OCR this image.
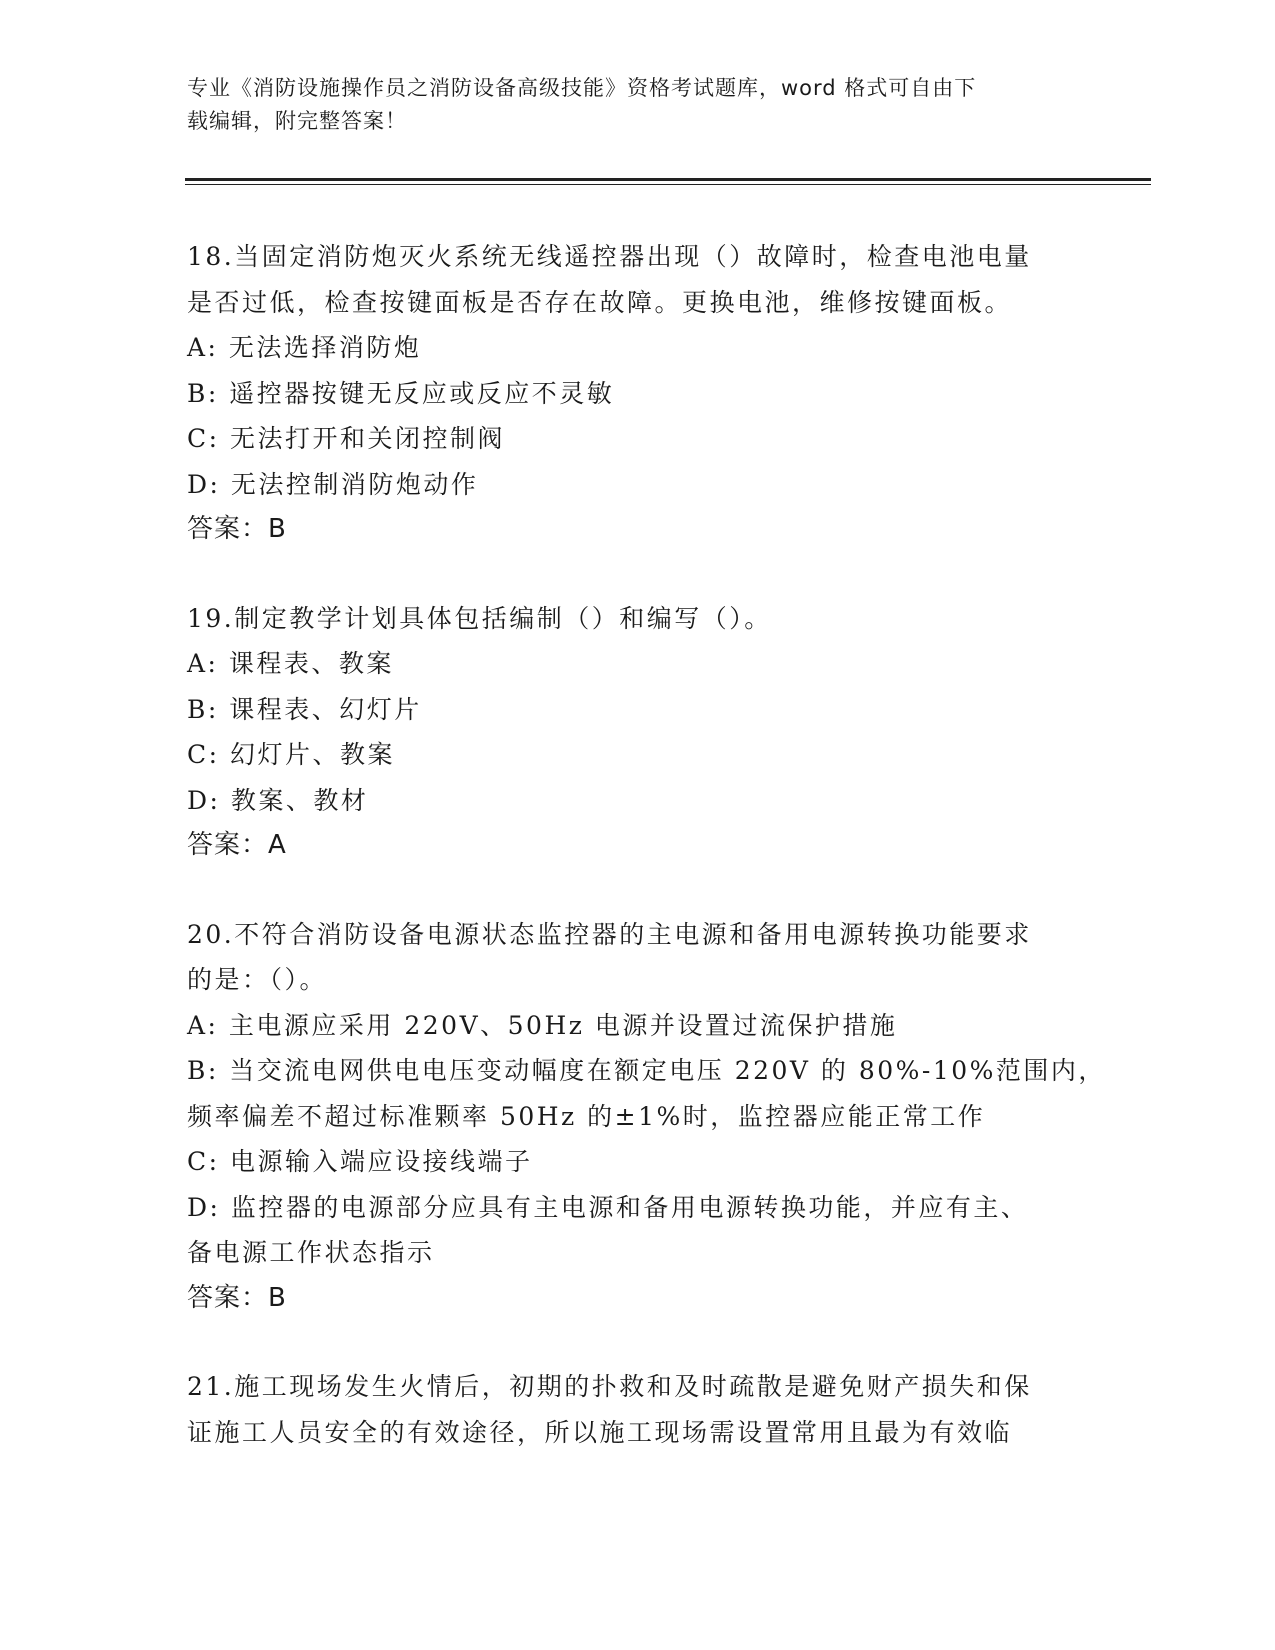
专业《消防设施操作员之消防设备高级技能》资格考试题库，word 格式可自由下
载编辑，附完整答案！
18.当固定消防炮灭火系统无线遥控器出现（）故障时，检查电池电量
是否过低，检查按键面板是否存在故障。更换电池，维修按键面板。
A: 无法选择消防炮
B: 遥控器按键无反应或反应不灵敏
C: 无法打开和关闭控制阀
D: 无法控制消防炮动作
答案：B
19.制定教学计划具体包括编制（）和编写（）。
A: 课程表、教案
B: 课程表、幻灯片
C: 幻灯片、教案
D: 教案、教材
答案：A
20.不符合消防设备电源状态监控器的主电源和备用电源转换功能要求
的是：（）。
A: 主电源应采用 220V、50Hz 电源并设置过流保护措施
B: 当交流电网供电电压变动幅度在额定电压 220V 的 80%-10%范围内，
频率偏差不超过标准颗率 50Hz 的±1%时，监控器应能正常工作
C: 电源输入端应设接线端子
D: 监控器的电源部分应具有主电源和备用电源转换功能，并应有主、
备电源工作状态指示
答案：B
21.施工现场发生火情后，初期的扑救和及时疏散是避免财产损失和保
证施工人员安全的有效途径，所以施工现场需设置常用且最为有效临
